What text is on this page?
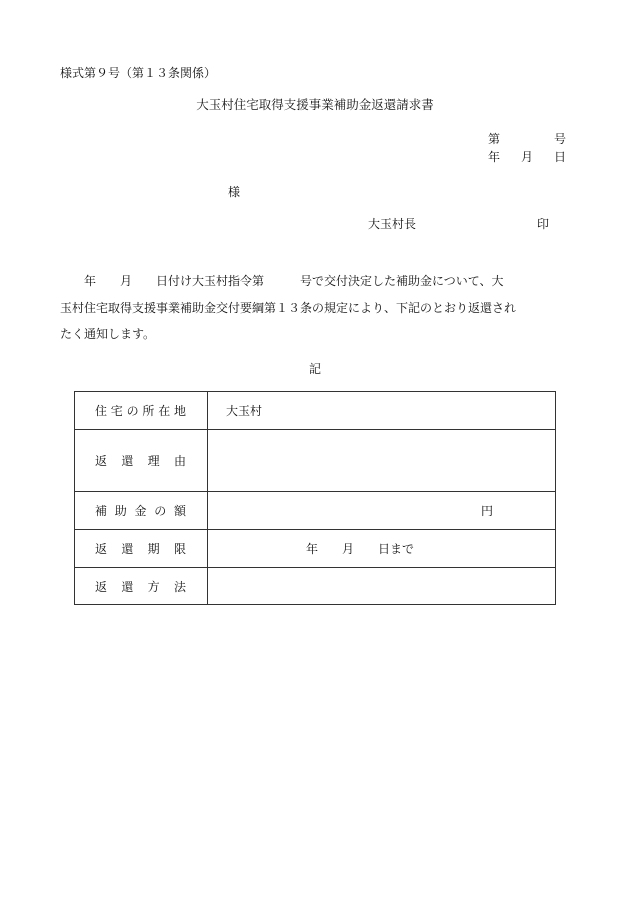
様式第９号（第１３条関係）
大玉村住宅取得支援事業補助金返還請求書
第	号
年 月 日
様
大玉村長	印

　　年　　月　　日付け大玉村指令第　　　号で交付決定した補助金について、大

玉村住宅取得支援事業補助金交付要綱第１３条の規定により、下記のとおり返還され

たく通知します。

記
住宅の所在地	大玉村
返還理由	
補助金の額	円
返還期限	年　　月　　日まで
返還方法	
